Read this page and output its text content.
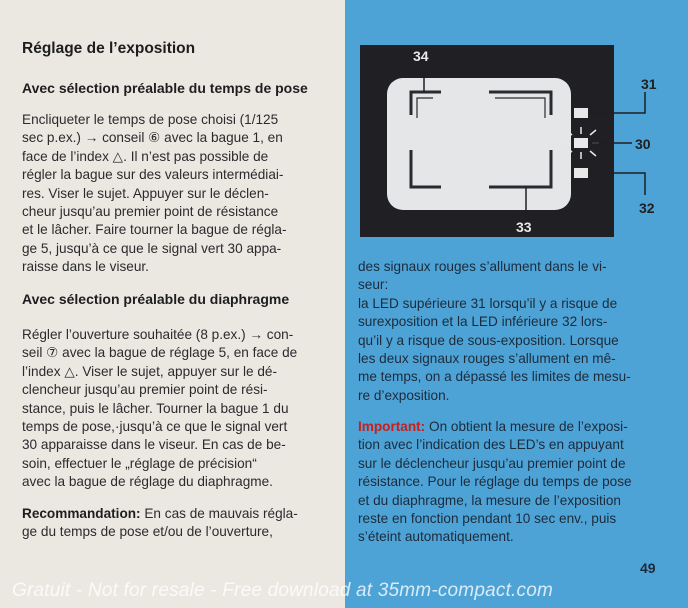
Réglage de l’exposition
Avec sélection préalable du temps de pose
Encliqueter le temps de pose choisi (1/125
sec p.ex.) → conseil ⑥ avec la bague 1, en
face de l’index △. Il n’est pas possible de
régler la bague sur des valeurs intermédiai-
res. Viser le sujet. Appuyer sur le déclen-
cheur jusqu’au premier point de résistance
et le lâcher. Faire tourner la bague de régla-
ge 5, jusqu’à ce que le signal vert 30 appa-
raisse dans le viseur.
Avec sélection préalable du diaphragme
Régler l’ouverture souhaitée (8 p.ex.) → con-
seil ⑦ avec la bague de réglage 5, en face de
l’index △. Viser le sujet, appuyer sur le dé-
clencheur jusqu’au premier point de rési-
stance, puis le lâcher. Tourner la bague 1 du
temps de pose,·jusqu’à ce que le signal vert
30 apparaisse dans le viseur. En cas de be-
soin, effectuer le „réglage de précision“
avec la bague de réglage du diaphragme.
Recommandation: En cas de mauvais régla-
ge du temps de pose et/ou de l’ouverture,
34
31
30
32
33
des signaux rouges s’allument dans le vi-
seur:
la LED supérieure 31 lorsqu’il y a risque de
surexposition et la LED inférieure 32 lors-
qu’il y a risque de sous-exposition. Lorsque
les deux signaux rouges s’allument en mê-
me temps, on a dépassé les limites de mesu-
re d’exposition.
Important: On obtient la mesure de l’exposi-
tion avec l’indication des LED’s en appuyant
sur le déclencheur jusqu’au premier point de
résistance. Pour le réglage du temps de pose
et du diaphragme, la mesure de l’exposition
reste en fonction pendant 10 sec env., puis
s’éteint automatiquement.
49
Gratuit - Not for resale - Free download at 35mm-compact.com
